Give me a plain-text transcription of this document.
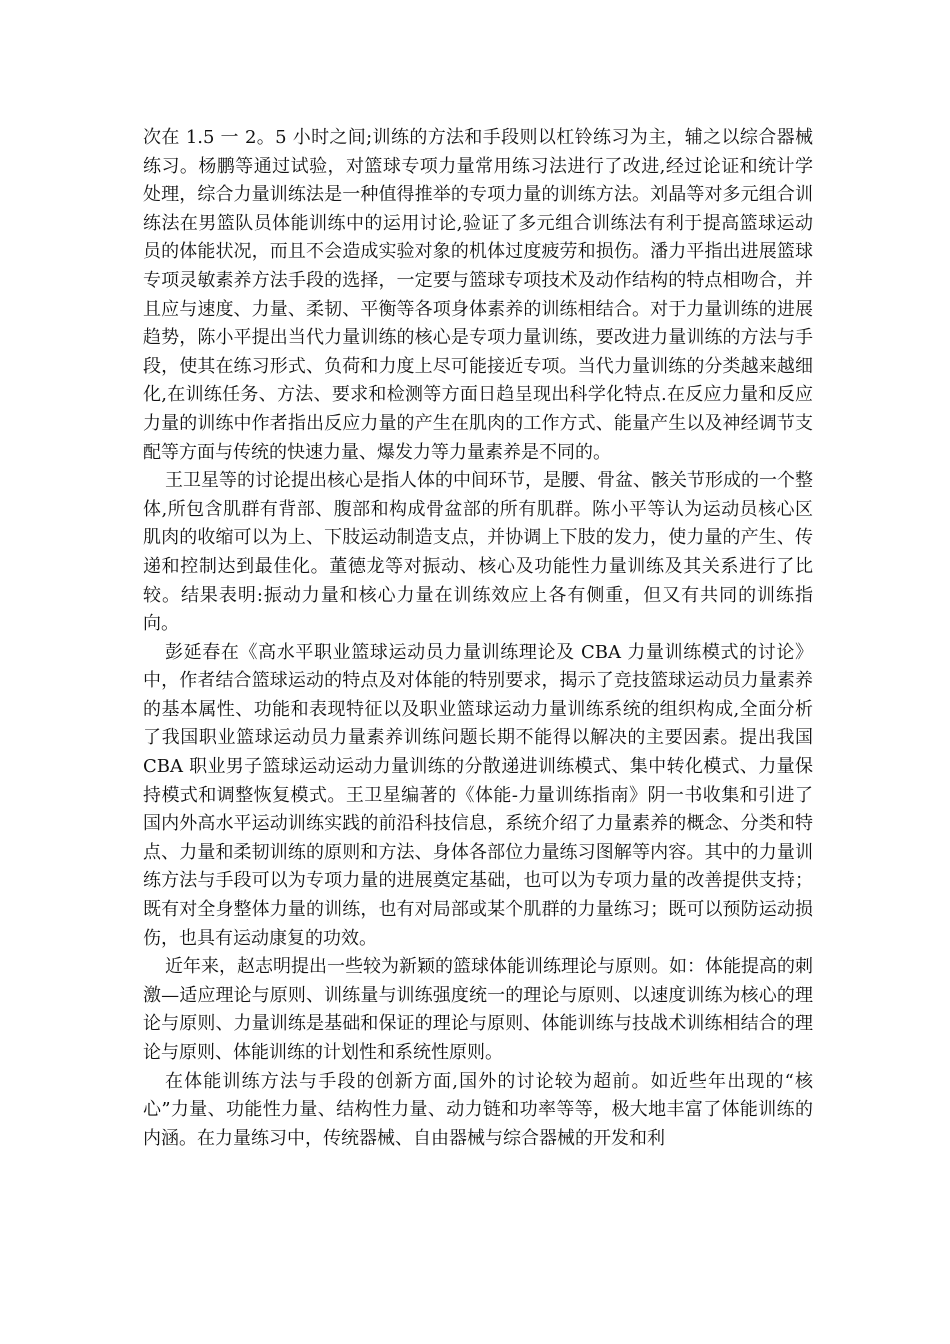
次在 1.5 一 2。5 小时之间;训练的方法和手段则以杠铃练习为主，辅之以综合器械练习。杨鹏等通过试验，对篮球专项力量常用练习法进行了改进,经过论证和统计学处理，综合力量训练法是一种值得推举的专项力量的训练方法。刘晶等对多元组合训练法在男篮队员体能训练中的运用讨论,验证了多元组合训练法有利于提高篮球运动员的体能状况，而且不会造成实验对象的机体过度疲劳和损伤。潘力平指出进展篮球专项灵敏素养方法手段的选择，一定要与篮球专项技术及动作结构的特点相吻合，并且应与速度、力量、柔韧、平衡等各项身体素养的训练相结合。对于力量训练的进展趋势，陈小平提出当代力量训练的核心是专项力量训练，要改进力量训练的方法与手段，使其在练习形式、负荷和力度上尽可能接近专项。当代力量训练的分类越来越细化,在训练任务、方法、要求和检测等方面日趋呈现出科学化特点.在反应力量和反应力量的训练中作者指出反应力量的产生在肌肉的工作方式、能量产生以及神经调节支配等方面与传统的快速力量、爆发力等力量素养是不同的。

王卫星等的讨论提出核心是指人体的中间环节，是腰、骨盆、骸关节形成的一个整体,所包含肌群有背部、腹部和构成骨盆部的所有肌群。陈小平等认为运动员核心区肌肉的收缩可以为上、下肢运动制造支点，并协调上下肢的发力，使力量的产生、传递和控制达到最佳化。董德龙等对振动、核心及功能性力量训练及其关系进行了比较。结果表明:振动力量和核心力量在训练效应上各有侧重，但又有共同的训练指向。

彭延春在《高水平职业篮球运动员力量训练理论及 CBA 力量训练模式的讨论》中，作者结合篮球运动的特点及对体能的特别要求，揭示了竞技篮球运动员力量素养的基本属性、功能和表现特征以及职业篮球运动力量训练系统的组织构成,全面分析了我国职业篮球运动员力量素养训练问题长期不能得以解决的主要因素。提出我国 CBA 职业男子篮球运动运动力量训练的分散递进训练模式、集中转化模式、力量保持模式和调整恢复模式。王卫星编著的《体能-力量训练指南》阴一书收集和引进了国内外高水平运动训练实践的前沿科技信息，系统介绍了力量素养的概念、分类和特点、力量和柔韧训练的原则和方法、身体各部位力量练习图解等内容。其中的力量训练方法与手段可以为专项力量的进展奠定基础，也可以为专项力量的改善提供支持；既有对全身整体力量的训练，也有对局部或某个肌群的力量练习；既可以预防运动损伤，也具有运动康复的功效。

近年来，赵志明提出一些较为新颖的篮球体能训练理论与原则。如：体能提高的刺激—适应理论与原则、训练量与训练强度统一的理论与原则、以速度训练为核心的理论与原则、力量训练是基础和保证的理论与原则、体能训练与技战术训练相结合的理论与原则、体能训练的计划性和系统性原则。

在体能训练方法与手段的创新方面,国外的讨论较为超前。如近些年出现的“核心”力量、功能性力量、结构性力量、动力链和功率等等，极大地丰富了体能训练的内涵。在力量练习中，传统器械、自由器械与综合器械的开发和利
